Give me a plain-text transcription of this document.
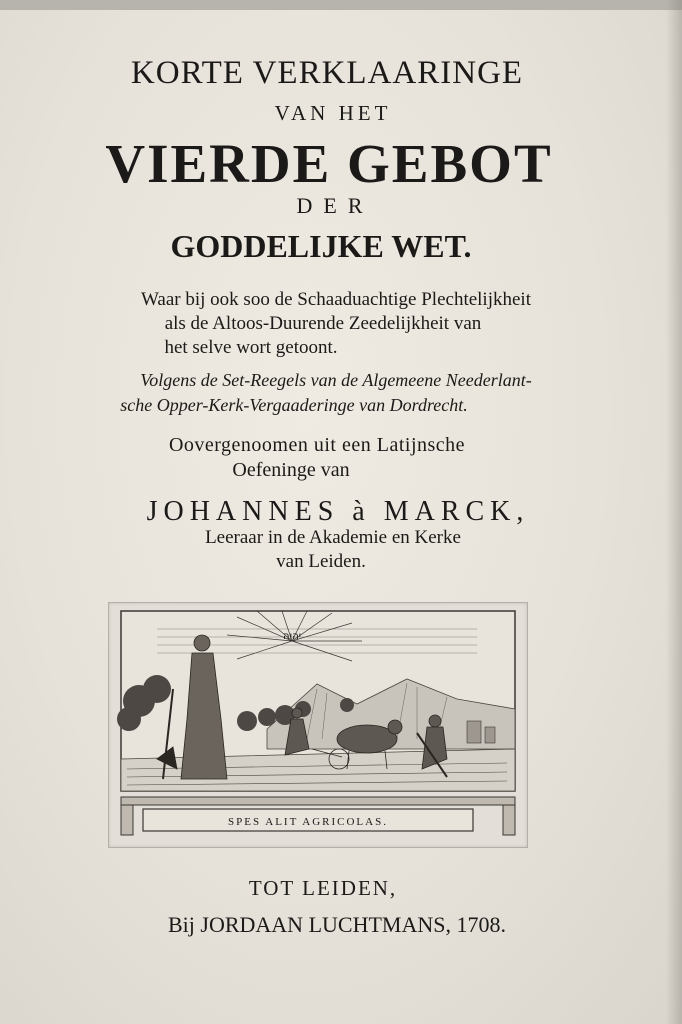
KORTE VERKLAARINGE
VAN HET
VIERDE GEBOT
DER
GODDELIJKE WET.
Waar bij ook soo de Schaaduachtige Plechtelijkheit
als de Altoos-Duurende Zeedelijkheit van
het selve wort getoont.
Volgens de Set-Reegels van de Algemeene Neederlant-
sche Opper-Kerk-Vergaaderinge van Dordrecht.
Oovergenoomen uit een Latijnsche
Oefeninge van
JOHANNES à MARCK,
Leeraar in de Akademie en Kerke
van Leiden.
יהוה
SPES ALIT AGRICOLAS.
TOT LEIDEN,
Bij JORDAAN LUCHTMANS, 1708.
